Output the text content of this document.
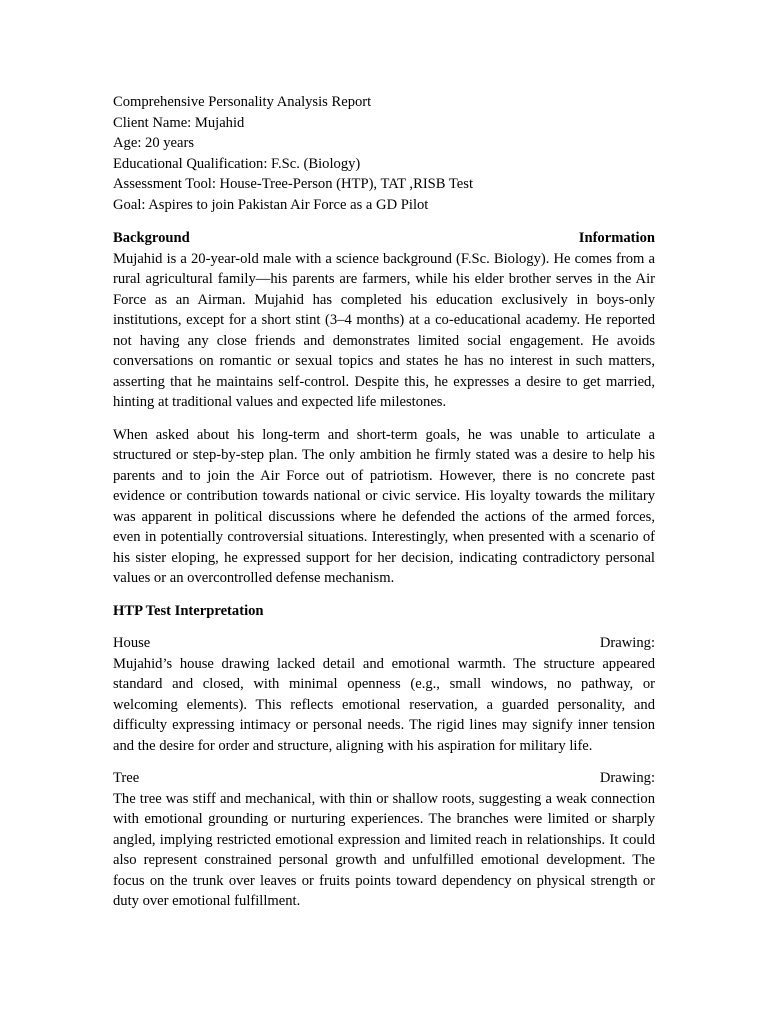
Comprehensive Personality Analysis Report
Client Name: Mujahid
Age: 20 years
Educational Qualification: F.Sc. (Biology)
Assessment Tool: House-Tree-Person (HTP), TAT ,RISB Test
Goal: Aspires to join Pakistan Air Force as a GD Pilot
Background	Information

Mujahid is a 20-year-old male with a science background (F.Sc. Biology). He comes from a rural agricultural family—his parents are farmers, while his elder brother serves in the Air Force as an Airman. Mujahid has completed his education exclusively in boys-only institutions, except for a short stint (3–4 months) at a co-educational academy. He reported not having any close friends and demonstrates limited social engagement. He avoids conversations on romantic or sexual topics and states he has no interest in such matters, asserting that he maintains self-control. Despite this, he expresses a desire to get married, hinting at traditional values and expected life milestones.

When asked about his long-term and short-term goals, he was unable to articulate a structured or step-by-step plan. The only ambition he firmly stated was a desire to help his parents and to join the Air Force out of patriotism. However, there is no concrete past evidence or contribution towards national or civic service. His loyalty towards the military was apparent in political discussions where he defended the actions of the armed forces, even in potentially controversial situations. Interestingly, when presented with a scenario of his sister eloping, he expressed support for her decision, indicating contradictory personal values or an overcontrolled defense mechanism.

HTP Test Interpretation
House	Drawing:

Mujahid’s house drawing lacked detail and emotional warmth. The structure appeared standard and closed, with minimal openness (e.g., small windows, no pathway, or welcoming elements). This reflects emotional reservation, a guarded personality, and difficulty expressing intimacy or personal needs. The rigid lines may signify inner tension and the desire for order and structure, aligning with his aspiration for military life.

Tree	Drawing:

The tree was stiff and mechanical, with thin or shallow roots, suggesting a weak connection with emotional grounding or nurturing experiences. The branches were limited or sharply angled, implying restricted emotional expression and limited reach in relationships. It could also represent constrained personal growth and unfulfilled emotional development. The focus on the trunk over leaves or fruits points toward dependency on physical strength or duty over emotional fulfillment.
